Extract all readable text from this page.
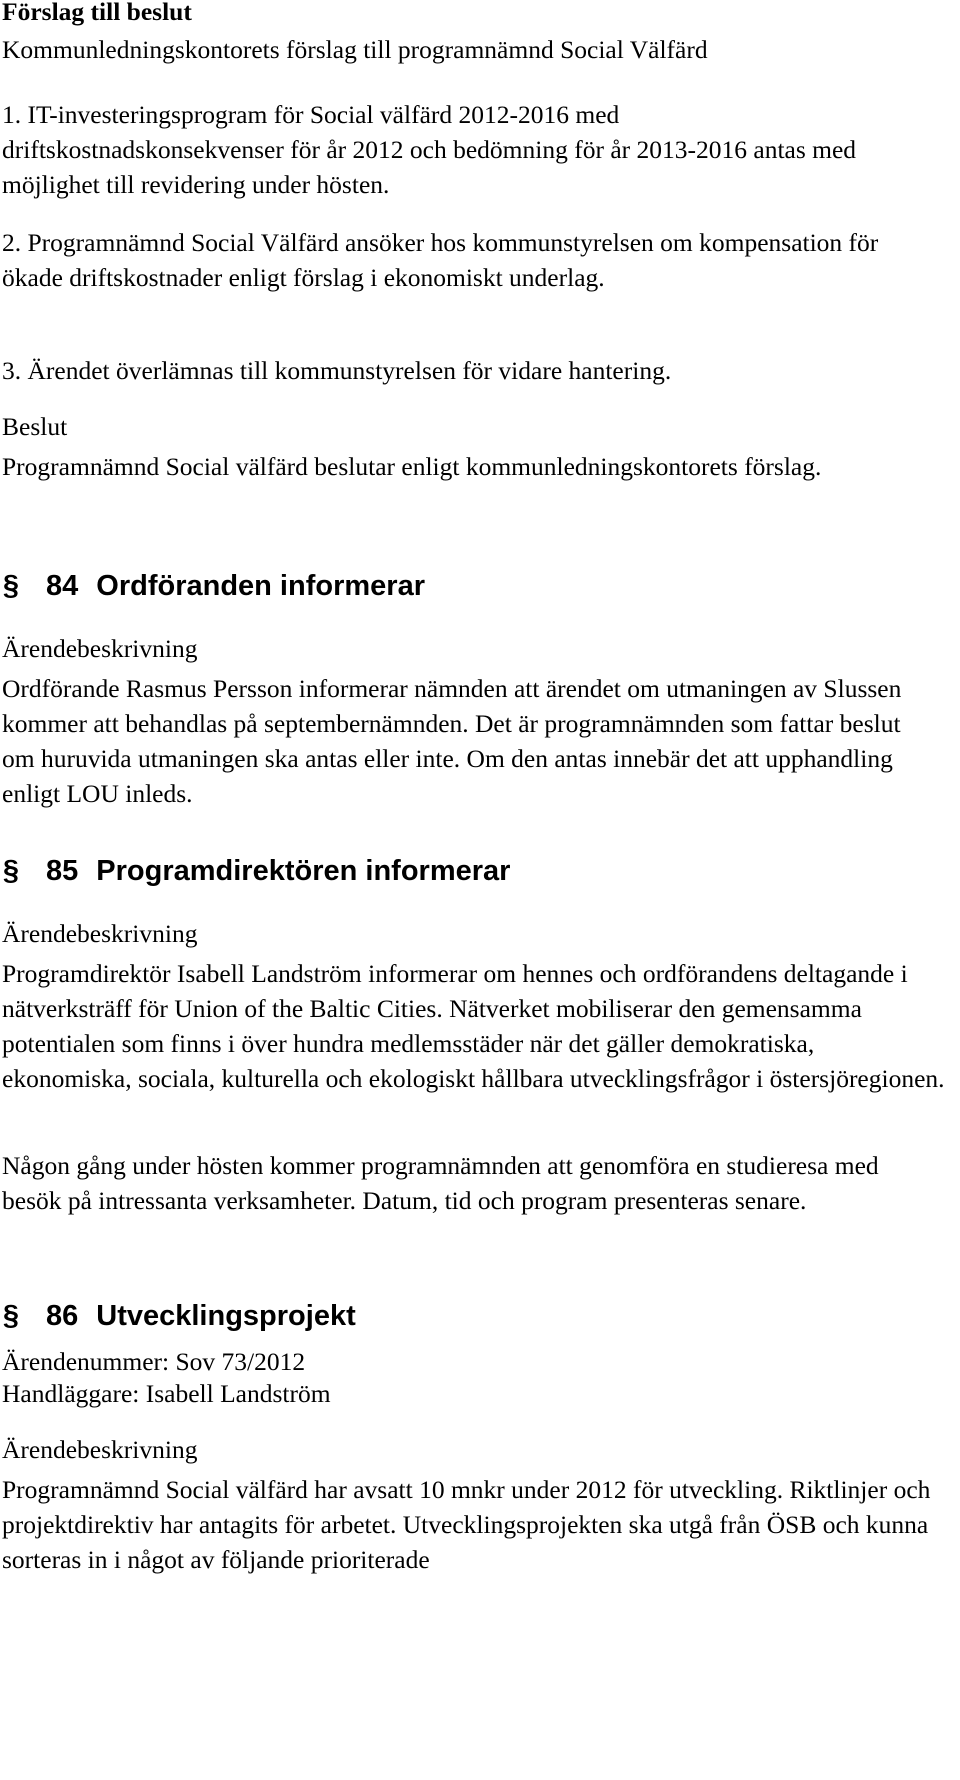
Förslag till beslut

Kommunledningskontorets förslag till programnämnd Social Välfärd

1. IT-investeringsprogram för Social välfärd 2012-2016 med driftskostnadskonsekvenser för år 2012 och bedömning för år 2013-2016 antas med möjlighet till revidering under hösten.

2. Programnämnd Social Välfärd ansöker hos kommunstyrelsen om kompensation för ökade driftskostnader enligt förslag i ekonomiskt underlag.

3. Ärendet överlämnas till kommunstyrelsen för vidare hantering.

Beslut

Programnämnd Social välfärd beslutar enligt kommunledningskontorets förslag.

§ 84 Ordföranden informerar

Ärendebeskrivning

Ordförande Rasmus Persson informerar nämnden att ärendet om utmaningen av Slussen kommer att behandlas på septembernämnden. Det är programnämnden som fattar beslut om huruvida utmaningen ska antas eller inte. Om den antas innebär det att upphandling enligt LOU inleds.

§ 85 Programdirektören informerar

Ärendebeskrivning

Programdirektör Isabell Landström informerar om hennes och ordförandens deltagande i nätverksträff för Union of the Baltic Cities. Nätverket mobiliserar den gemensamma potentialen som finns i över hundra medlemsstäder när det gäller demokratiska, ekonomiska, sociala, kulturella och ekologiskt hållbara utvecklingsfrågor i östersjöregionen.

Någon gång under hösten kommer programnämnden att genomföra en studieresa med besök på intressanta verksamheter. Datum, tid och program presenteras senare.

§ 86 Utvecklingsprojekt

Ärendenummer: Sov 73/2012

Handläggare: Isabell Landström

Ärendebeskrivning

Programnämnd Social välfärd har avsatt 10 mnkr under 2012 för utveckling. Riktlinjer och projektdirektiv har antagits för arbetet. Utvecklingsprojekten ska utgå från ÖSB och kunna sorteras in i något av följande prioriterade
